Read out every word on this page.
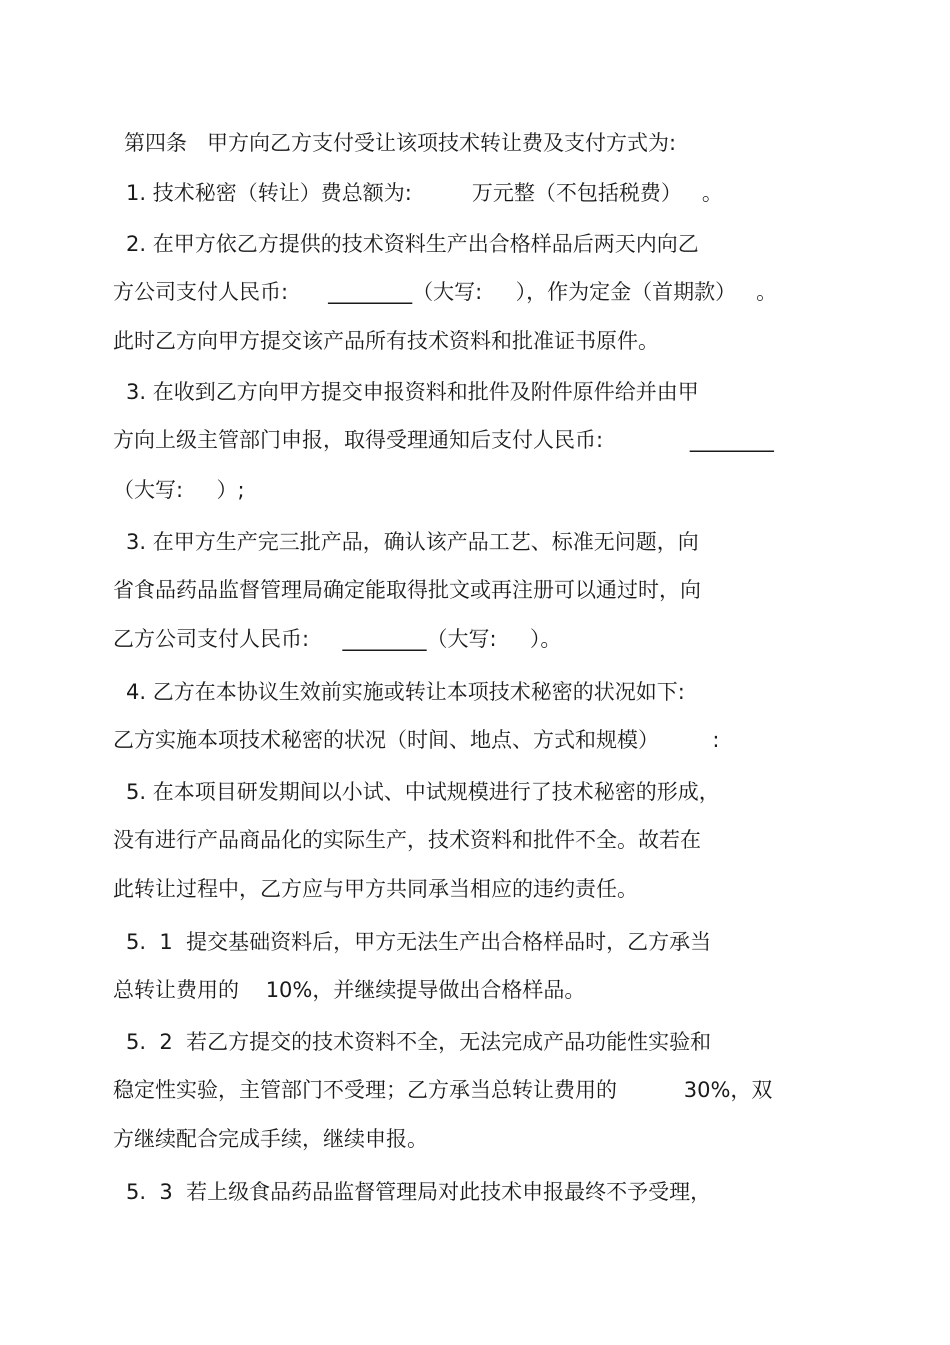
第四条   甲方向乙方支付受让该项技术转让费及支付方式为:
1. 技术秘密（转让）费总额为:         万元整（不包括税费）   。
2. 在甲方依乙方提供的技术资料生产出合格样品后两天内向乙
方公司支付人民币:      ________（大写:     ），作为定金（首期款）   。
此时乙方向甲方提交该产品所有技术资料和批准证书原件。
3. 在收到乙方向甲方提交申报资料和批件及附件原件给并由甲
方向上级主管部门申报，取得受理通知后支付人民币:             ________
（大写:     ）;
3. 在甲方生产完三批产品，确认该产品工艺、标准无问题，向
省食品药品监督管理局确定能取得批文或再注册可以通过时，向
乙方公司支付人民币:     ________（大写:     ）。
4. 乙方在本协议生效前实施或转让本项技术秘密的状况如下:
乙方实施本项技术秘密的状况（时间、地点、方式和规模）        :
5. 在本项目研发期间以小试、中试规模进行了技术秘密的形成，
没有进行产品商品化的实际生产，技术资料和批件不全。故若在
此转让过程中，乙方应与甲方共同承当相应的违约责任。
5.  1  提交基础资料后，甲方无法生产出合格样品时，乙方承当
总转让费用的    10%，并继续提导做出合格样品。
5.  2  若乙方提交的技术资料不全，无法完成产品功能性实验和
稳定性实验，主管部门不受理；乙方承当总转让费用的          30%，双
方继续配合完成手续，继续申报。
5.  3  若上级食品药品监督管理局对此技术申报最终不予受理，
